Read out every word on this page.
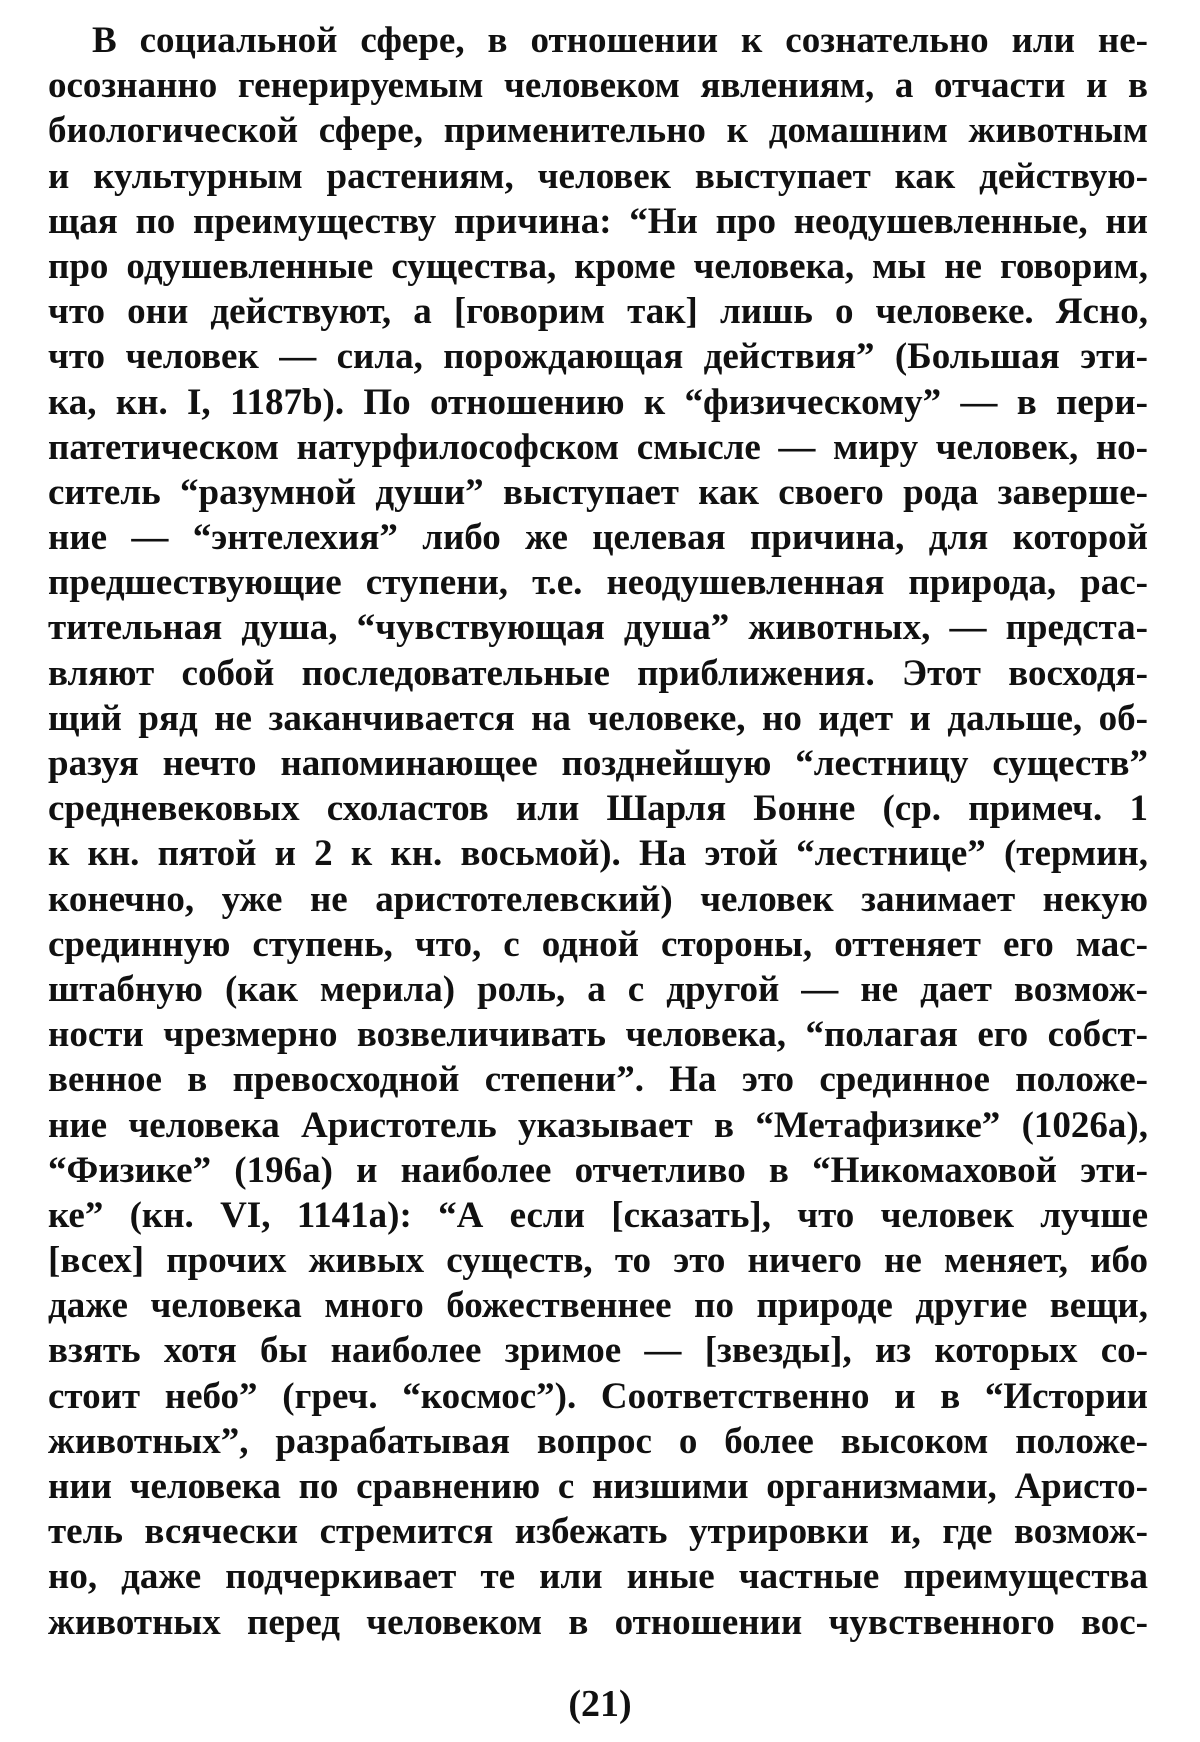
В социальной сфере, в отношении к сознательно или не-
осознанно генерируемым человеком явлениям, а отчасти и в
биологической сфере, применительно к домашним животным
и культурным растениям, человек выступает как действую-
щая по преимуществу причина: “Ни про неодушевленные, ни
про одушевленные существа, кроме человека, мы не говорим,
что они действуют, а [говорим так] лишь о человеке. Ясно,
что человек — сила, порождающая действия” (Большая эти-
ка, кн. I, 1187b). По отношению к “физическому” — в пери-
патетическом натурфилософском смысле — миру человек, но-
ситель “разумной души” выступает как своего рода заверше-
ние — “энтелехия” либо же целевая причина, для которой
предшествующие ступени, т.е. неодушевленная природа, рас-
тительная душа, “чувствующая душа” животных, — предста-
вляют собой последовательные приближения. Этот восходя-
щий ряд не заканчивается на человеке, но идет и дальше, об-
разуя нечто напоминающее позднейшую “лестницу существ”
средневековых схоластов или Шарля Бонне (ср. примеч. 1
к кн. пятой и 2 к кн. восьмой). На этой “лестнице” (термин,
конечно, уже не аристотелевский) человек занимает некую
срединную ступень, что, с одной стороны, оттеняет его мас-
штабную (как мерила) роль, а с другой — не дает возмож-
ности чрезмерно возвеличивать человека, “полагая его собст-
венное в превосходной степени”. На это срединное положе-
ние человека Аристотель указывает в “Метафизике” (1026a),
“Физике” (196a) и наиболее отчетливо в “Никомаховой эти-
ке” (кн. VI, 1141a): “А если [сказать], что человек лучше
[всех] прочих живых существ, то это ничего не меняет, ибо
даже человека много божественнее по природе другие вещи,
взять хотя бы наиболее зримое — [звезды], из которых со-
стоит небо” (греч. “космос”). Соответственно и в “Истории
животных”, разрабатывая вопрос о более высоком положе-
нии человека по сравнению с низшими организмами, Аристо-
тель всячески стремится избежать утрировки и, где возмож-
но, даже подчеркивает те или иные частные преимущества
животных перед человеком в отношении чувственного вос-
(21)
